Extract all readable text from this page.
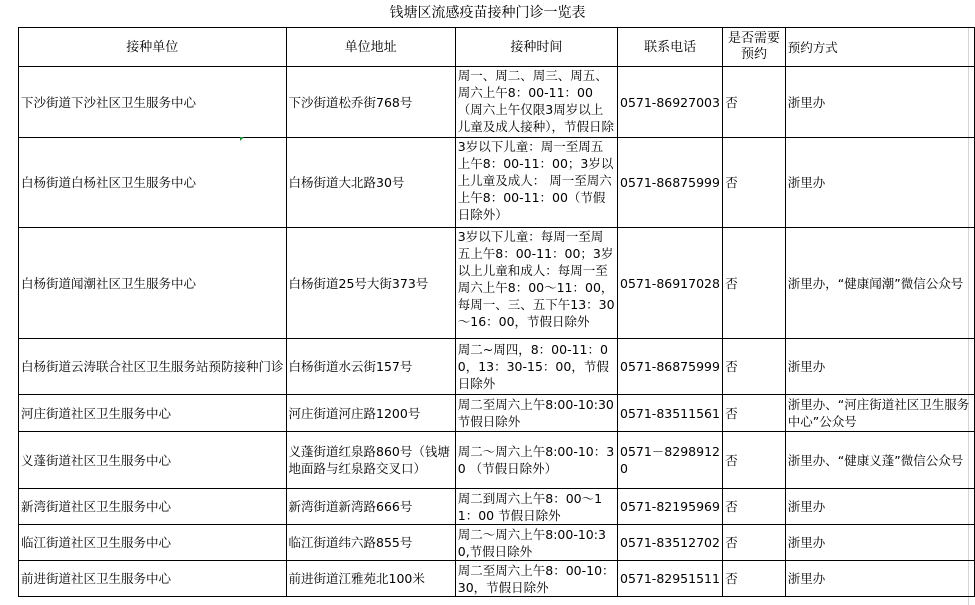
钱塘区流感疫苗接种门诊一览表
接种单位	单位地址	接种时间	联系电话	是否需要预约	预约方式
下沙街道下沙社区卫生服务中心	下沙街道松乔街768号	周一、周二、周三、周五、周六上午8：00-11：00（周六上午仅限3周岁以上儿童及成人接种），节假日除	0571-86927003	否	浙里办
白杨街道白杨社区卫生服务中心	白杨街道大北路30号	3岁以下儿童：周一至周五上午8：00-11：00；3岁以上儿童及成人： 周一至周六上午8：00-11：00（节假日除外）	0571-86875999	否	浙里办
白杨街道闻潮社区卫生服务中心	白杨街道25号大街373号	3岁以下儿童：每周一至周五上午8：00-11：00；3岁以上儿童和成人：每周一至周六上午8：00～11：00，每周一、三、五下午13：30～16：00，节假日除外	0571-86917028	否	浙里办，“健康闻潮”微信公众号

白杨街道云涛联合社区卫生服务站预防接种门诊	白杨街道水云街157号	周二~周四，8：00-11：00，13：30-15：00，节假日除外	0571-86875999	否	浙里办
河庄街道社区卫生服务中心	河庄街道河庄路1200号	周二至周六上午8:00-10:30节假日除外	0571-83511561	否	浙里办、“河庄街道社区卫生服务中心”公众号
义蓬街道社区卫生服务中心	义蓬街道红泉路860号（钱塘地面路与红泉路交叉口）	周二～周六上午8:00-10：30 （节假日除外）	0571－82989120	否	浙里办、“健康义蓬”微信公众号
新湾街道社区卫生服务中心	新湾街道新湾路666号	周二到周六上午8：00～11：00 节假日除外	0571-82195969	否	浙里办
临江街道社区卫生服务中心	临江街道纬六路855号	周二～周六上午8:00-10:30,节假日除外	0571-83512702	否	浙里办
前进街道社区卫生服务中心	前进街道江雅苑北100米	周二至周六上午8：00-10：30，节假日除外	0571-82951511	否	浙里办
